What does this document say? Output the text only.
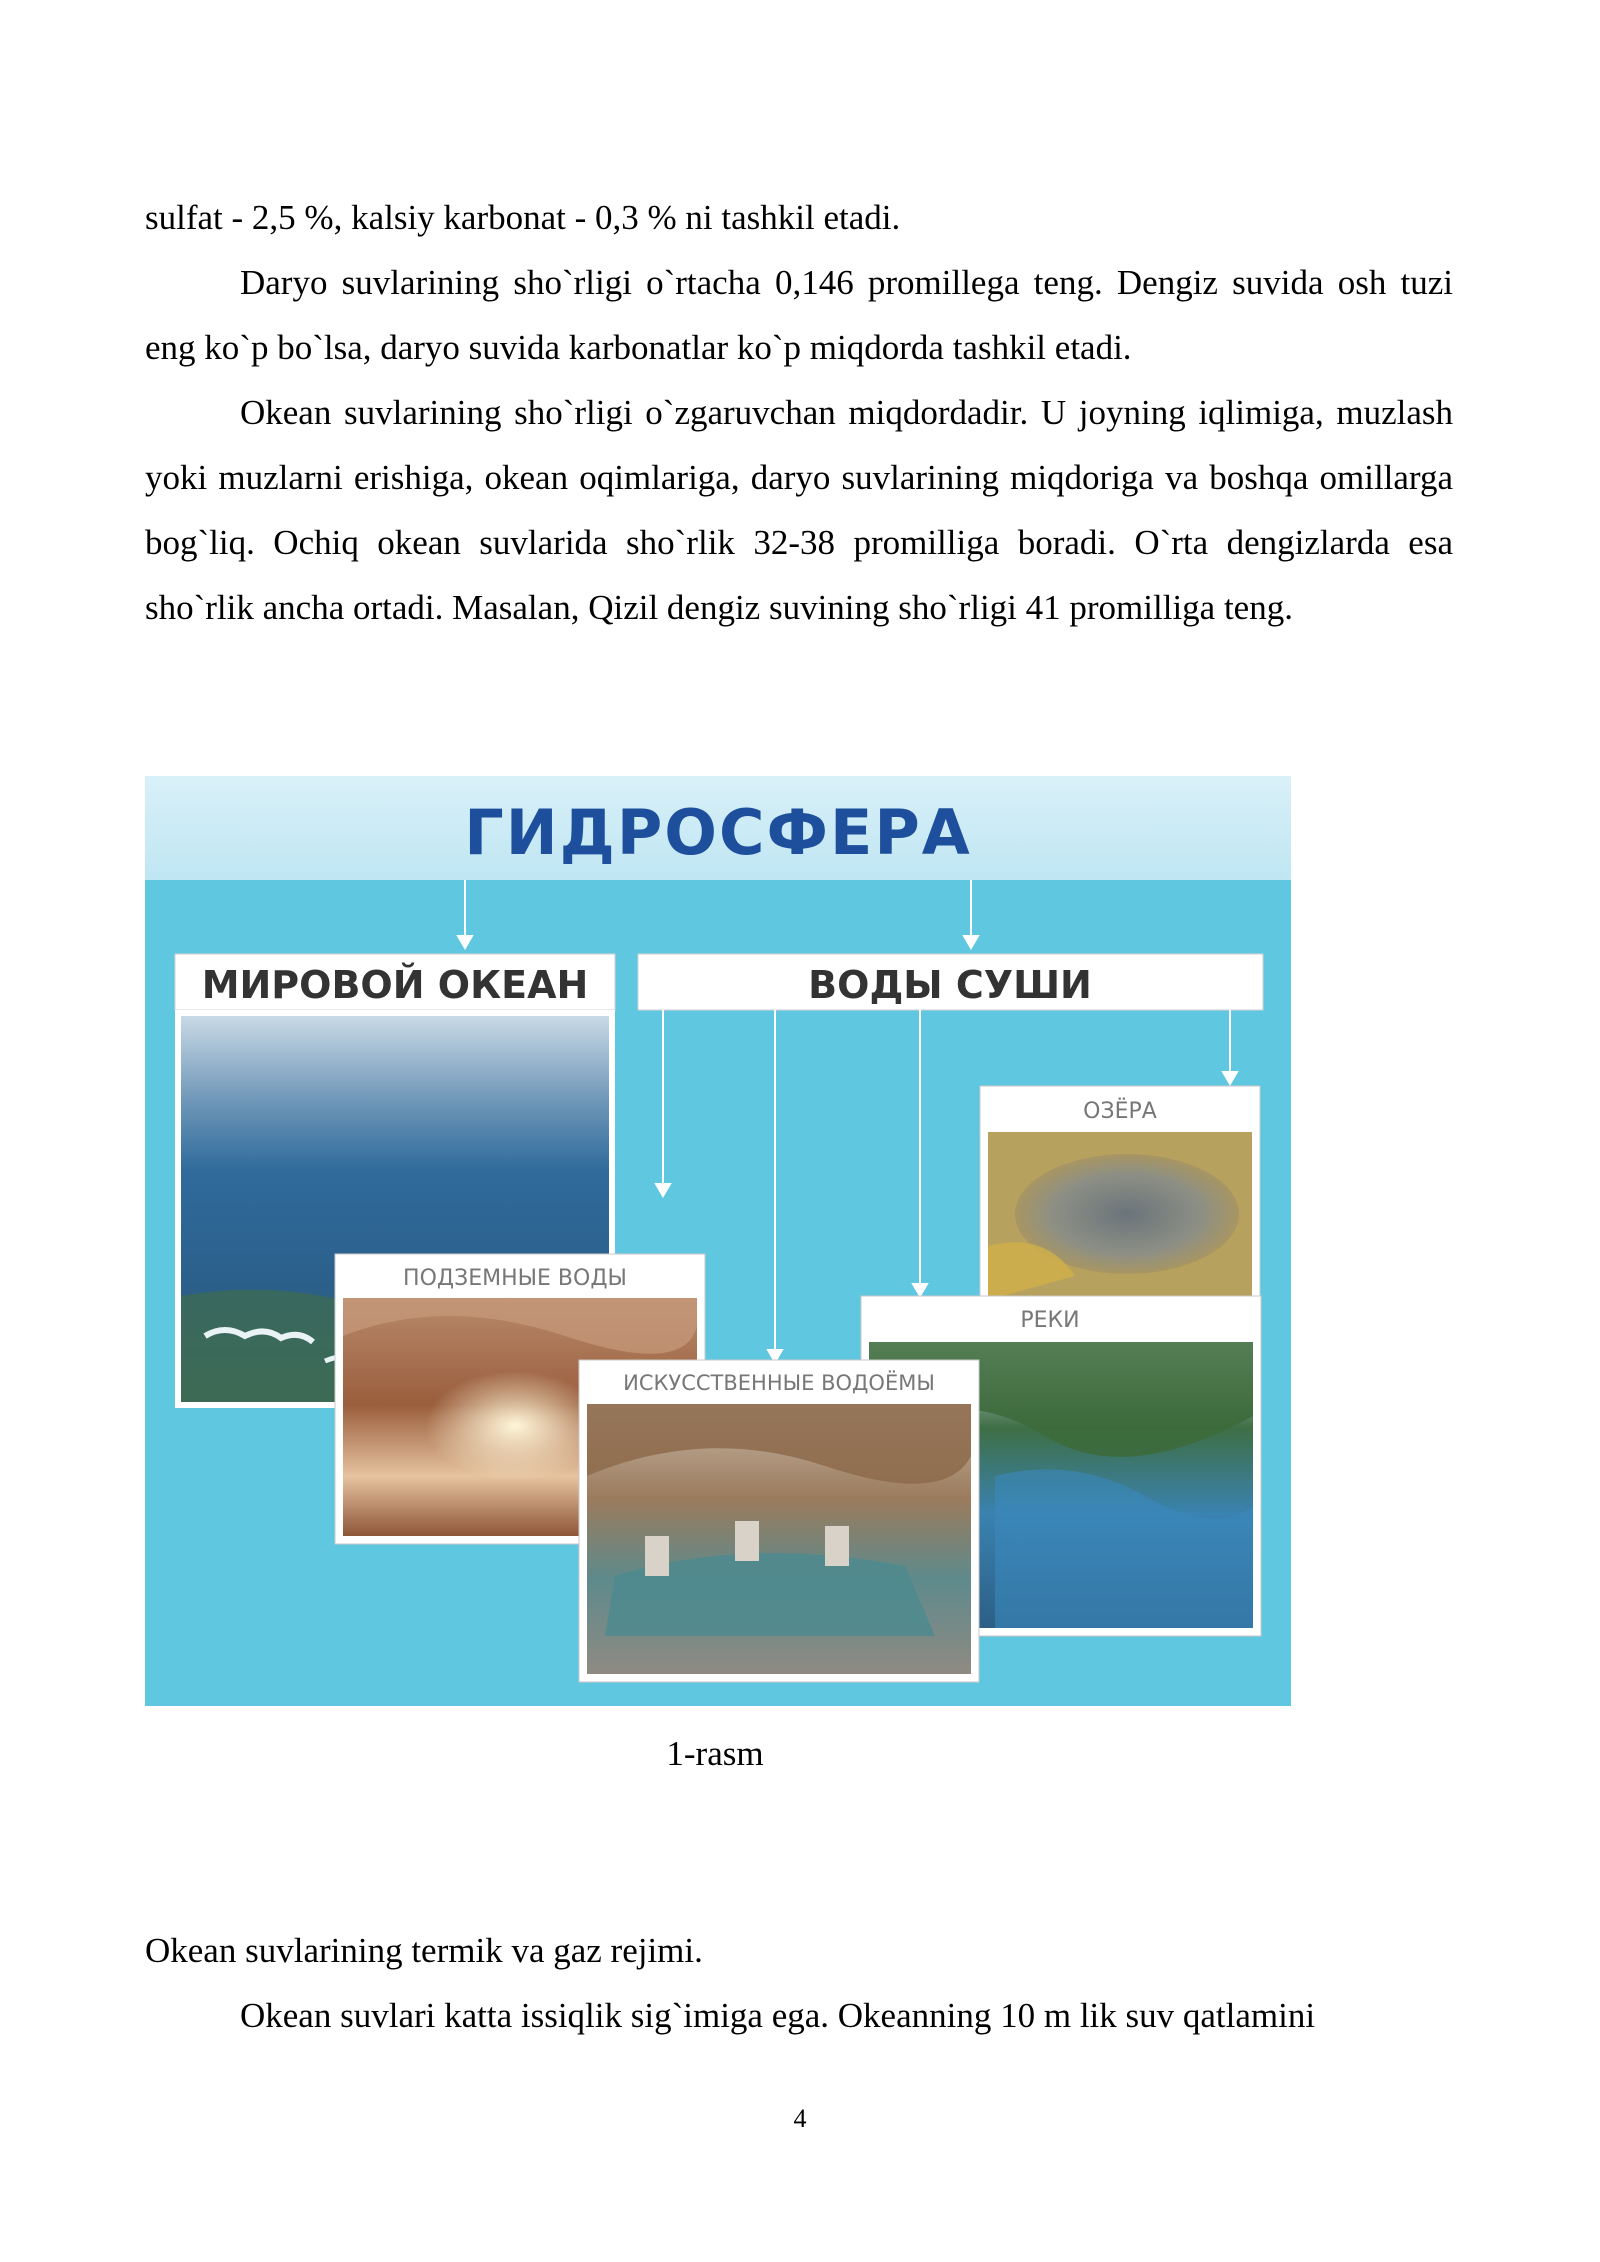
sulfat - 2,5 %, kalsiy karbonat - 0,3 % ni tashkil etadi.

Daryo suvlarining sho`rligi o`rtacha 0,146 promillega teng. Dengiz suvida osh tuzi eng ko`p bo`lsa, daryo suvida karbonatlar ko`p miqdorda tashkil etadi.

Okean suvlarining sho`rligi o`zgaruvchan miqdordadir. U joyning iqlimiga, muzlash yoki muzlarni erishiga, okean oqimlariga, daryo suvlarining miqdoriga va boshqa omillarga bog`liq. Ochiq okean suvlarida sho`rlik 32-38 promilliga boradi. O`rta dengizlarda esa sho`rlik ancha ortadi. Masalan, Qizil dengiz suvining sho`rligi 41 promilliga teng.

ГИДРОСФЕРА
МИРОВОЙ ОКЕАН	ВОДЫ СУШИ
ОЗЁРА
ПОДЗЕМНЫЕ ВОДЫ
РЕКИ
ИСКУССТВЕННЫЕ ВОДОЁМЫ
1-rasm

Okean suvlarining termik va gaz rejimi.

Okean suvlari katta issiqlik sig`imiga ega. Okeanning 10 m lik suv qatlamini

4
